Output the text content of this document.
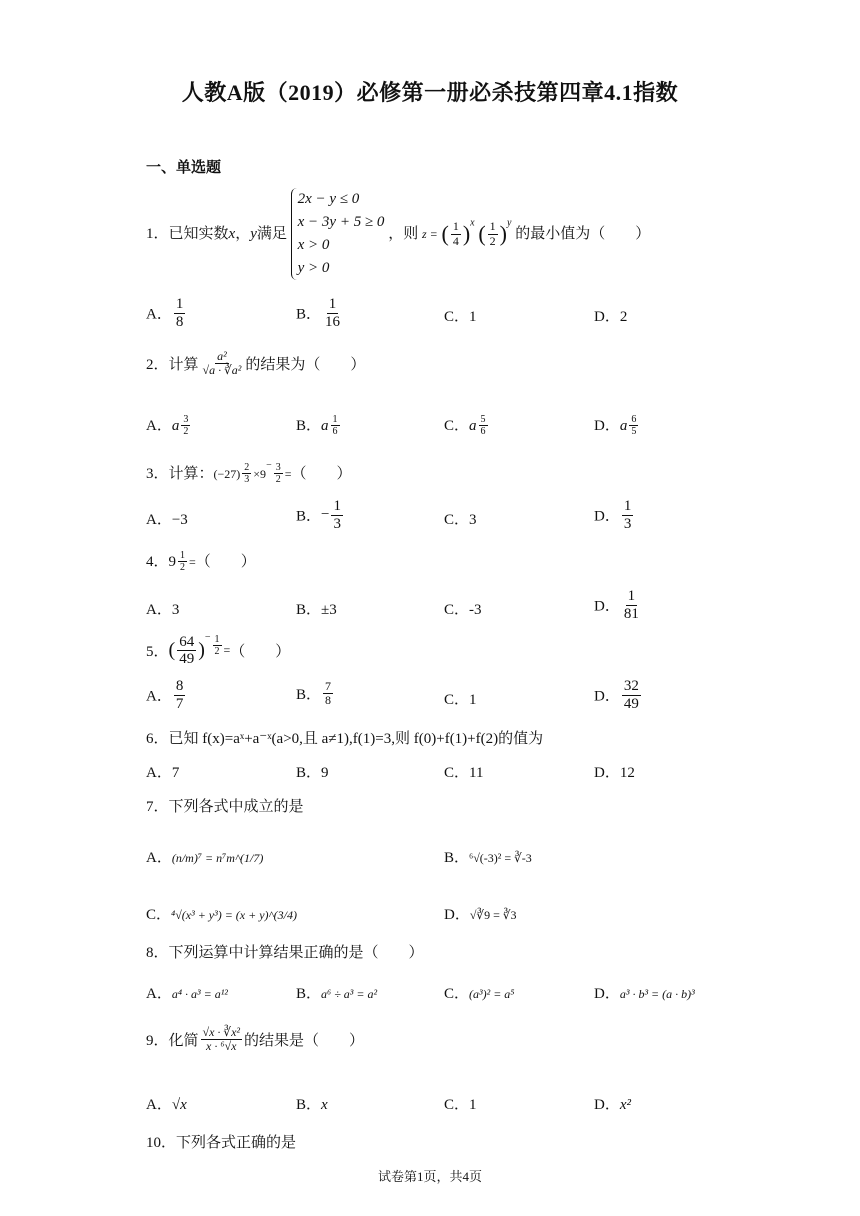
人教A版（2019）必修第一册必杀技第四章4.1指数
一、单选题
1．已知实数x，y满足
2x − y ≤ 0
x − 3y + 5 ≥ 0
x > 0
y > 0
，则 z = ( $\frac{1}{4} )^x$ ( $\frac{1}{2} )^y$ 的最小值为（　　）
A． $\frac{1}{8}$	B． $\frac{1}{16}$	C．1	D．2
2．计算 $\frac{\text{a²}}{\text{√a · ∛a²}}$ 的结果为（　　）
A．a $\frac{3}{2}$	B．a $\frac{1}{6}$	C．a $\frac{5}{6}$	D．a $\frac{6}{5}$
3．计算：$(-27) \frac{2}{3} \times 9^- \frac{3}{2}$ =（　　）
A．−3	B．− $\frac{1}{3}$	C．3	D． $\frac{1}{3}$
4．$9 \frac{1}{2}$ =（　　）
A．3	B．±3	C．-3	D． $\frac{1}{81}$
5．( $\frac{64}{49} )^- \frac{1}{2}$ =（　　）
A． $\frac{8}{7}$	B． $\frac{7}{8}$	C．1	D． $\frac{32}{49}$
6．已知 f(x)=aˣ+a⁻ˣ(a>0,且 a≠1),f(1)=3,则 f(0)+f(1)+f(2)的值为
A．7	B．9	C．11	D．12
7．下列各式中成立的是
A．(n/m)⁷ = n⁷m^(1/7)	B．⁶√(-3)² = ∛-3
C．⁴√(x³ + y³) = (x + y)^(3/4)	D．√∛9 = ∛3
8．下列运算中计算结果正确的是（　　）
A．a⁴ · a³ = a¹²	B．a⁶ ÷ a³ = a²	C．(a³)² = a⁵	D．a³ · b³ = (a · b)³
9．化简 $\frac{\text{√x · ∛x²}}{\text{x · ⁶√x}}$ 的结果是（　　）
A．√x	B．x	C．1	D．x²
10．下列各式正确的是
试卷第1页，共4页
